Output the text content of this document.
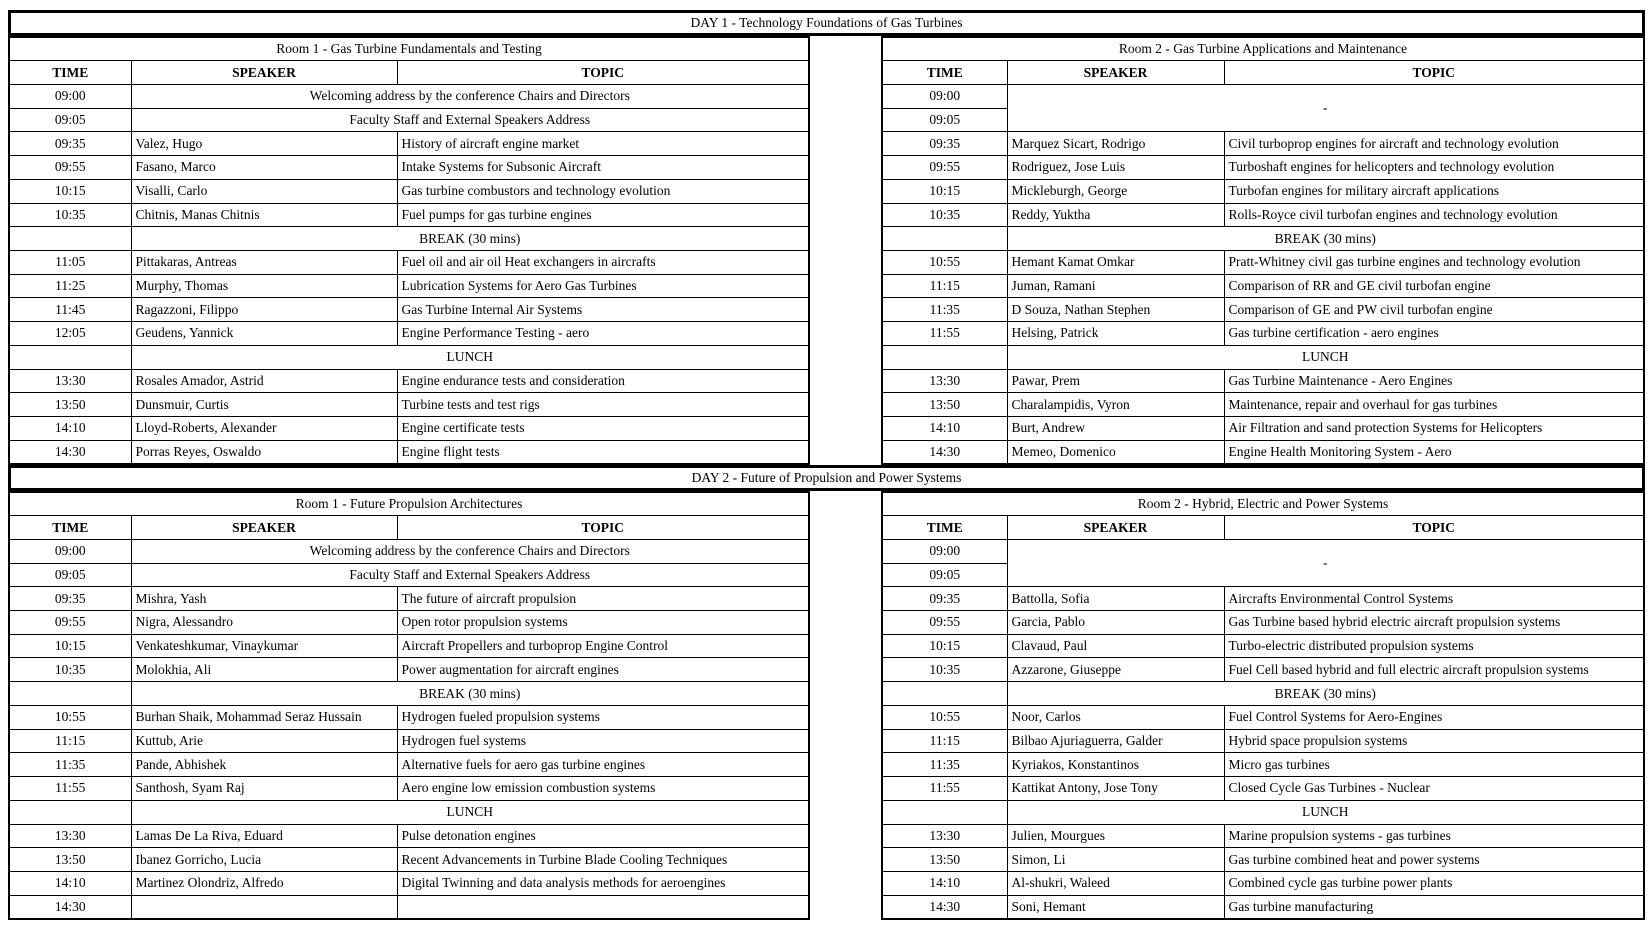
DAY 1 - Technology Foundations of Gas Turbines
Room 1 - Gas Turbine Fundamentals and Testing		
TIME	SPEAKER	TOPIC
09:00	Welcoming address by the conference Chairs and Directors	
09:05	Faculty Staff and External Speakers Address	
09:35	Valez, Hugo	History of aircraft engine market
09:55	Fasano, Marco	Intake Systems for Subsonic Aircraft
10:15	Visalli, Carlo	Gas turbine combustors and technology evolution
10:35	Chitnis, Manas Chitnis	Fuel pumps for gas turbine engines
	BREAK (30 mins)	
11:05	Pittakaras, Antreas	Fuel oil and air oil Heat exchangers in aircrafts
11:25	Murphy, Thomas	Lubrication Systems for Aero Gas Turbines
11:45	Ragazzoni, Filippo	Gas Turbine Internal Air Systems
12:05	Geudens, Yannick	Engine Performance Testing - aero
	LUNCH	
13:30	Rosales Amador, Astrid	Engine endurance tests and consideration
13:50	Dunsmuir, Curtis	Turbine tests and test rigs
14:10	Lloyd-Roberts, Alexander	Engine certificate tests
14:30	Porras Reyes, Oswaldo	Engine flight tests
Room 2 - Gas Turbine Applications and Maintenance		
TIME	SPEAKER	TOPIC
09:00	-	
09:05		
09:35	Marquez Sicart, Rodrigo	Civil turboprop engines for aircraft and technology evolution
09:55	Rodriguez, Jose Luis	Turboshaft engines for helicopters and technology evolution
10:15	Mickleburgh, George	Turbofan engines for military aircraft applications
10:35	Reddy, Yuktha	Rolls-Royce civil turbofan engines and technology evolution
	BREAK (30 mins)	
10:55	Hemant Kamat Omkar	Pratt-Whitney civil gas turbine engines and technology evolution
11:15	Juman, Ramani	Comparison of RR and GE civil turbofan engine
11:35	D Souza, Nathan Stephen	Comparison of GE and PW civil turbofan engine
11:55	Helsing, Patrick	Gas turbine certification - aero engines
	LUNCH	
13:30	Pawar, Prem	Gas Turbine Maintenance - Aero Engines
13:50	Charalampidis, Vyron	Maintenance, repair and overhaul for gas turbines
14:10	Burt, Andrew	Air Filtration and sand protection Systems for Helicopters
14:30	Memeo, Domenico	Engine Health Monitoring System - Aero
DAY 2 - Future of Propulsion and Power Systems
Room 1 - Future Propulsion Architectures		
TIME	SPEAKER	TOPIC
09:00	Welcoming address by the conference Chairs and Directors	
09:05	Faculty Staff and External Speakers Address	
09:35	Mishra, Yash	The future of aircraft propulsion
09:55	Nigra, Alessandro	Open rotor propulsion systems
10:15	Venkateshkumar, Vinaykumar	Aircraft Propellers and turboprop Engine Control
10:35	Molokhia, Ali	Power augmentation for aircraft engines
	BREAK (30 mins)	
10:55	Burhan Shaik, Mohammad Seraz Hussain	Hydrogen fueled propulsion systems
11:15	Kuttub, Arie	Hydrogen fuel systems
11:35	Pande, Abhishek	Alternative fuels for aero gas turbine engines
11:55	Santhosh, Syam Raj	Aero engine low emission combustion systems
	LUNCH	
13:30	Lamas De La Riva, Eduard	Pulse detonation engines
13:50	Ibanez Gorricho, Lucia	Recent Advancements in Turbine Blade Cooling Techniques
14:10	Martinez Olondriz, Alfredo	Digital Twinning and data analysis methods for aeroengines
14:30		
Room 2 - Hybrid, Electric and Power Systems		
TIME	SPEAKER	TOPIC
09:00	-	
09:05		
09:35	Battolla, Sofia	Aircrafts Environmental Control Systems
09:55	Garcia, Pablo	Gas Turbine based hybrid electric aircraft propulsion systems
10:15	Clavaud, Paul	Turbo-electric distributed propulsion systems
10:35	Azzarone, Giuseppe	Fuel Cell based hybrid and full electric aircraft propulsion systems
	BREAK (30 mins)	
10:55	Noor, Carlos	Fuel Control Systems for Aero-Engines
11:15	Bilbao Ajuriaguerra, Galder	Hybrid space propulsion systems
11:35	Kyriakos, Konstantinos	Micro gas turbines
11:55	Kattikat Antony, Jose Tony	Closed Cycle Gas Turbines - Nuclear
	LUNCH	
13:30	Julien, Mourgues	Marine propulsion systems - gas turbines
13:50	Simon, Li	Gas turbine combined heat and power systems
14:10	Al-shukri, Waleed	Combined cycle gas turbine power plants
14:30	Soni, Hemant	Gas turbine manufacturing
